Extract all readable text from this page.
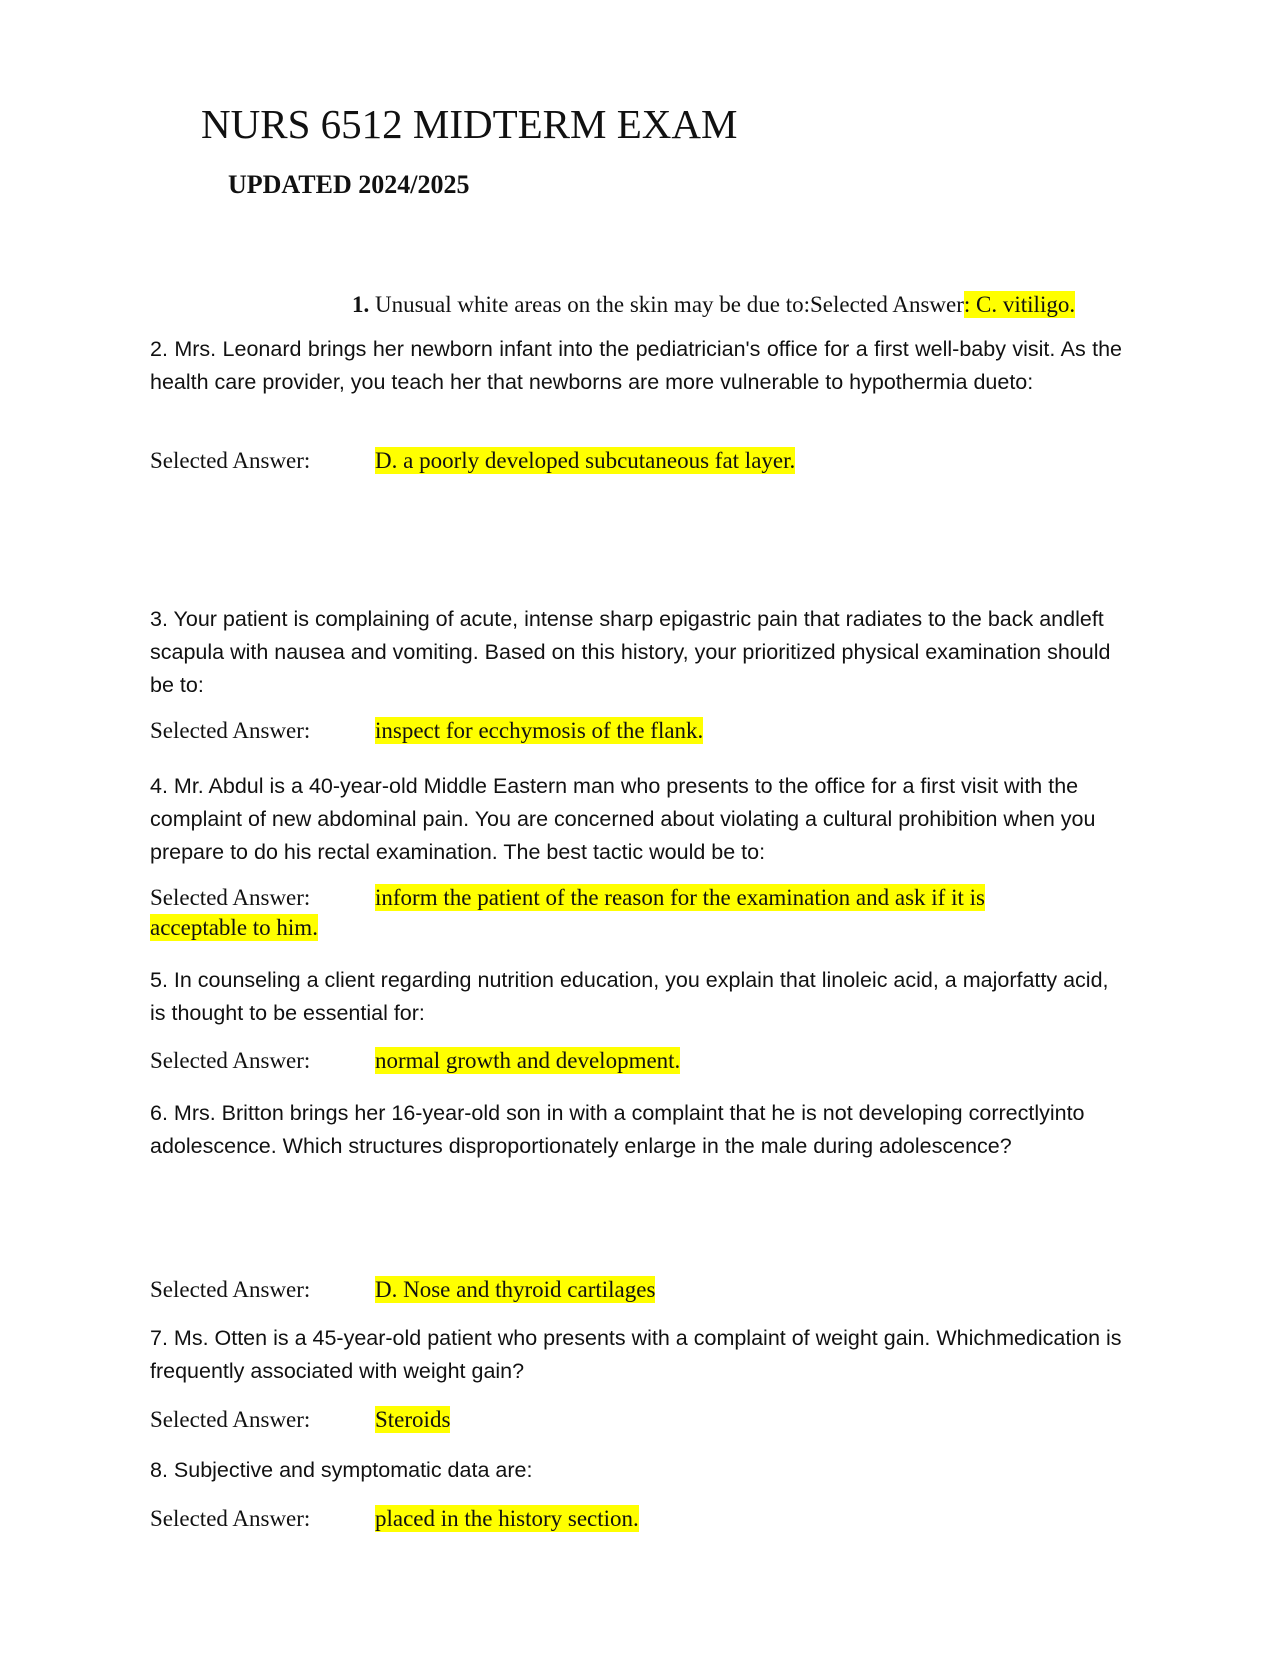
NURS 6512 MIDTERM EXAM
UPDATED 2024/2025
1. Unusual white areas on the skin may be due to:Selected Answer: C. vitiligo.

2. Mrs. Leonard brings her newborn infant into the pediatrician's office for a first well-baby visit. As the health care provider, you teach her that newborns are more vulnerable to hypothermia dueto:

Selected Answer:	D. a poorly developed subcutaneous fat layer.

3. Your patient is complaining of acute, intense sharp epigastric pain that radiates to the back andleft scapula with nausea and vomiting. Based on this history, your prioritized physical examination should be to:

Selected Answer:	inspect for ecchymosis of the flank.

4. Mr. Abdul is a 40-year-old Middle Eastern man who presents to the office for a first visit with the complaint of new abdominal pain. You are concerned about violating a cultural prohibition when you prepare to do his rectal examination. The best tactic would be to:

Selected Answer:	inform the patient of the reason for the examination and ask if it is
acceptable to him.

5. In counseling a client regarding nutrition education, you explain that linoleic acid, a majorfatty acid, is thought to be essential for:

Selected Answer:	normal growth and development.

6. Mrs. Britton brings her 16-year-old son in with a complaint that he is not developing correctlyinto adolescence. Which structures disproportionately enlarge in the male during adolescence?

Selected Answer:	D. Nose and thyroid cartilages

7. Ms. Otten is a 45-year-old patient who presents with a complaint of weight gain. Whichmedication is frequently associated with weight gain?

Selected Answer:	Steroids

8. Subjective and symptomatic data are:

Selected Answer:	placed in the history section.
